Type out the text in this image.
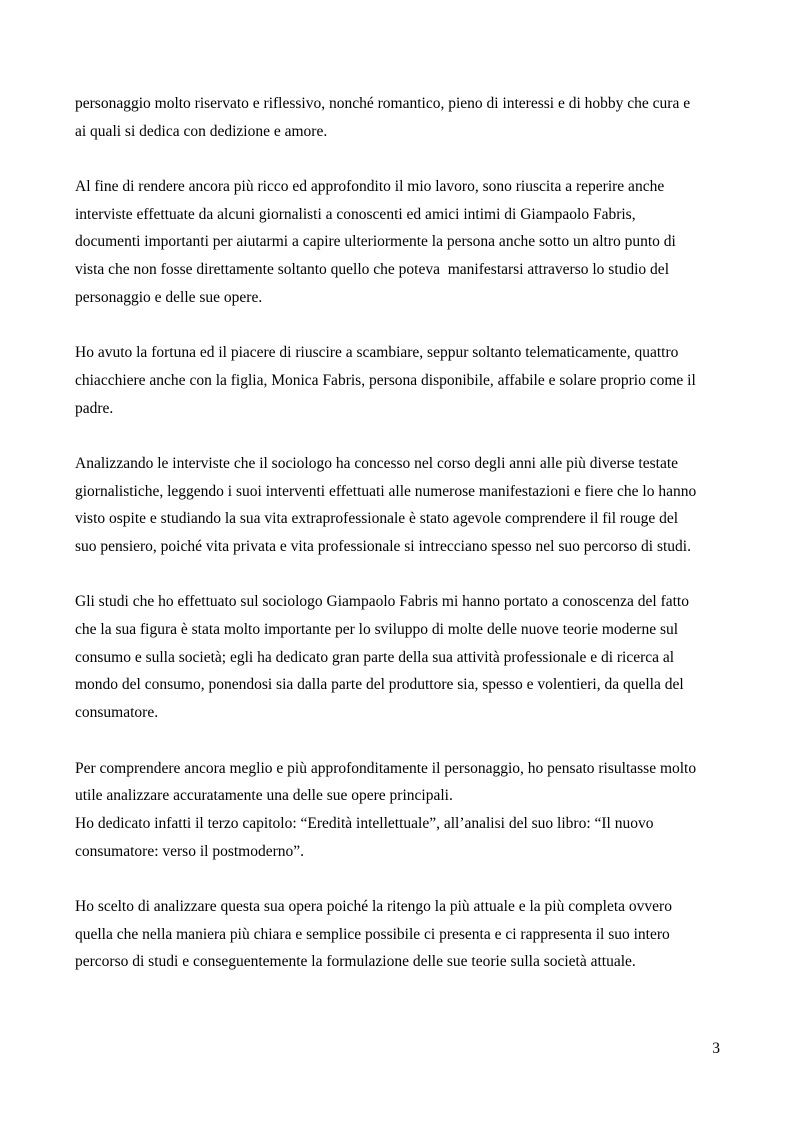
personaggio molto riservato e riflessivo, nonché romantico, pieno di interessi e di hobby che cura e
ai quali si dedica con dedizione e amore.

Al fine di rendere ancora più ricco ed approfondito il mio lavoro, sono riuscita a reperire anche
interviste effettuate da alcuni giornalisti a conoscenti ed amici intimi di Giampaolo Fabris,
documenti importanti per aiutarmi a capire ulteriormente la persona anche sotto un altro punto di
vista che non fosse direttamente soltanto quello che poteva  manifestarsi attraverso lo studio del
personaggio e delle sue opere.

Ho avuto la fortuna ed il piacere di riuscire a scambiare, seppur soltanto telematicamente, quattro
chiacchiere anche con la figlia, Monica Fabris, persona disponibile, affabile e solare proprio come il
padre.

Analizzando le interviste che il sociologo ha concesso nel corso degli anni alle più diverse testate
giornalistiche, leggendo i suoi interventi effettuati alle numerose manifestazioni e fiere che lo hanno
visto ospite e studiando la sua vita extraprofessionale è stato agevole comprendere il fil rouge del
suo pensiero, poiché vita privata e vita professionale si intrecciano spesso nel suo percorso di studi.

Gli studi che ho effettuato sul sociologo Giampaolo Fabris mi hanno portato a conoscenza del fatto
che la sua figura è stata molto importante per lo sviluppo di molte delle nuove teorie moderne sul
consumo e sulla società; egli ha dedicato gran parte della sua attività professionale e di ricerca al
mondo del consumo, ponendosi sia dalla parte del produttore sia, spesso e volentieri, da quella del
consumatore.

Per comprendere ancora meglio e più approfonditamente il personaggio, ho pensato risultasse molto
utile analizzare accuratamente una delle sue opere principali.
Ho dedicato infatti il terzo capitolo: “Eredità intellettuale”, all’analisi del suo libro: “Il nuovo
consumatore: verso il postmoderno”.

Ho scelto di analizzare questa sua opera poiché la ritengo la più attuale e la più completa ovvero
quella che nella maniera più chiara e semplice possibile ci presenta e ci rappresenta il suo intero
percorso di studi e conseguentemente la formulazione delle sue teorie sulla società attuale.

3
